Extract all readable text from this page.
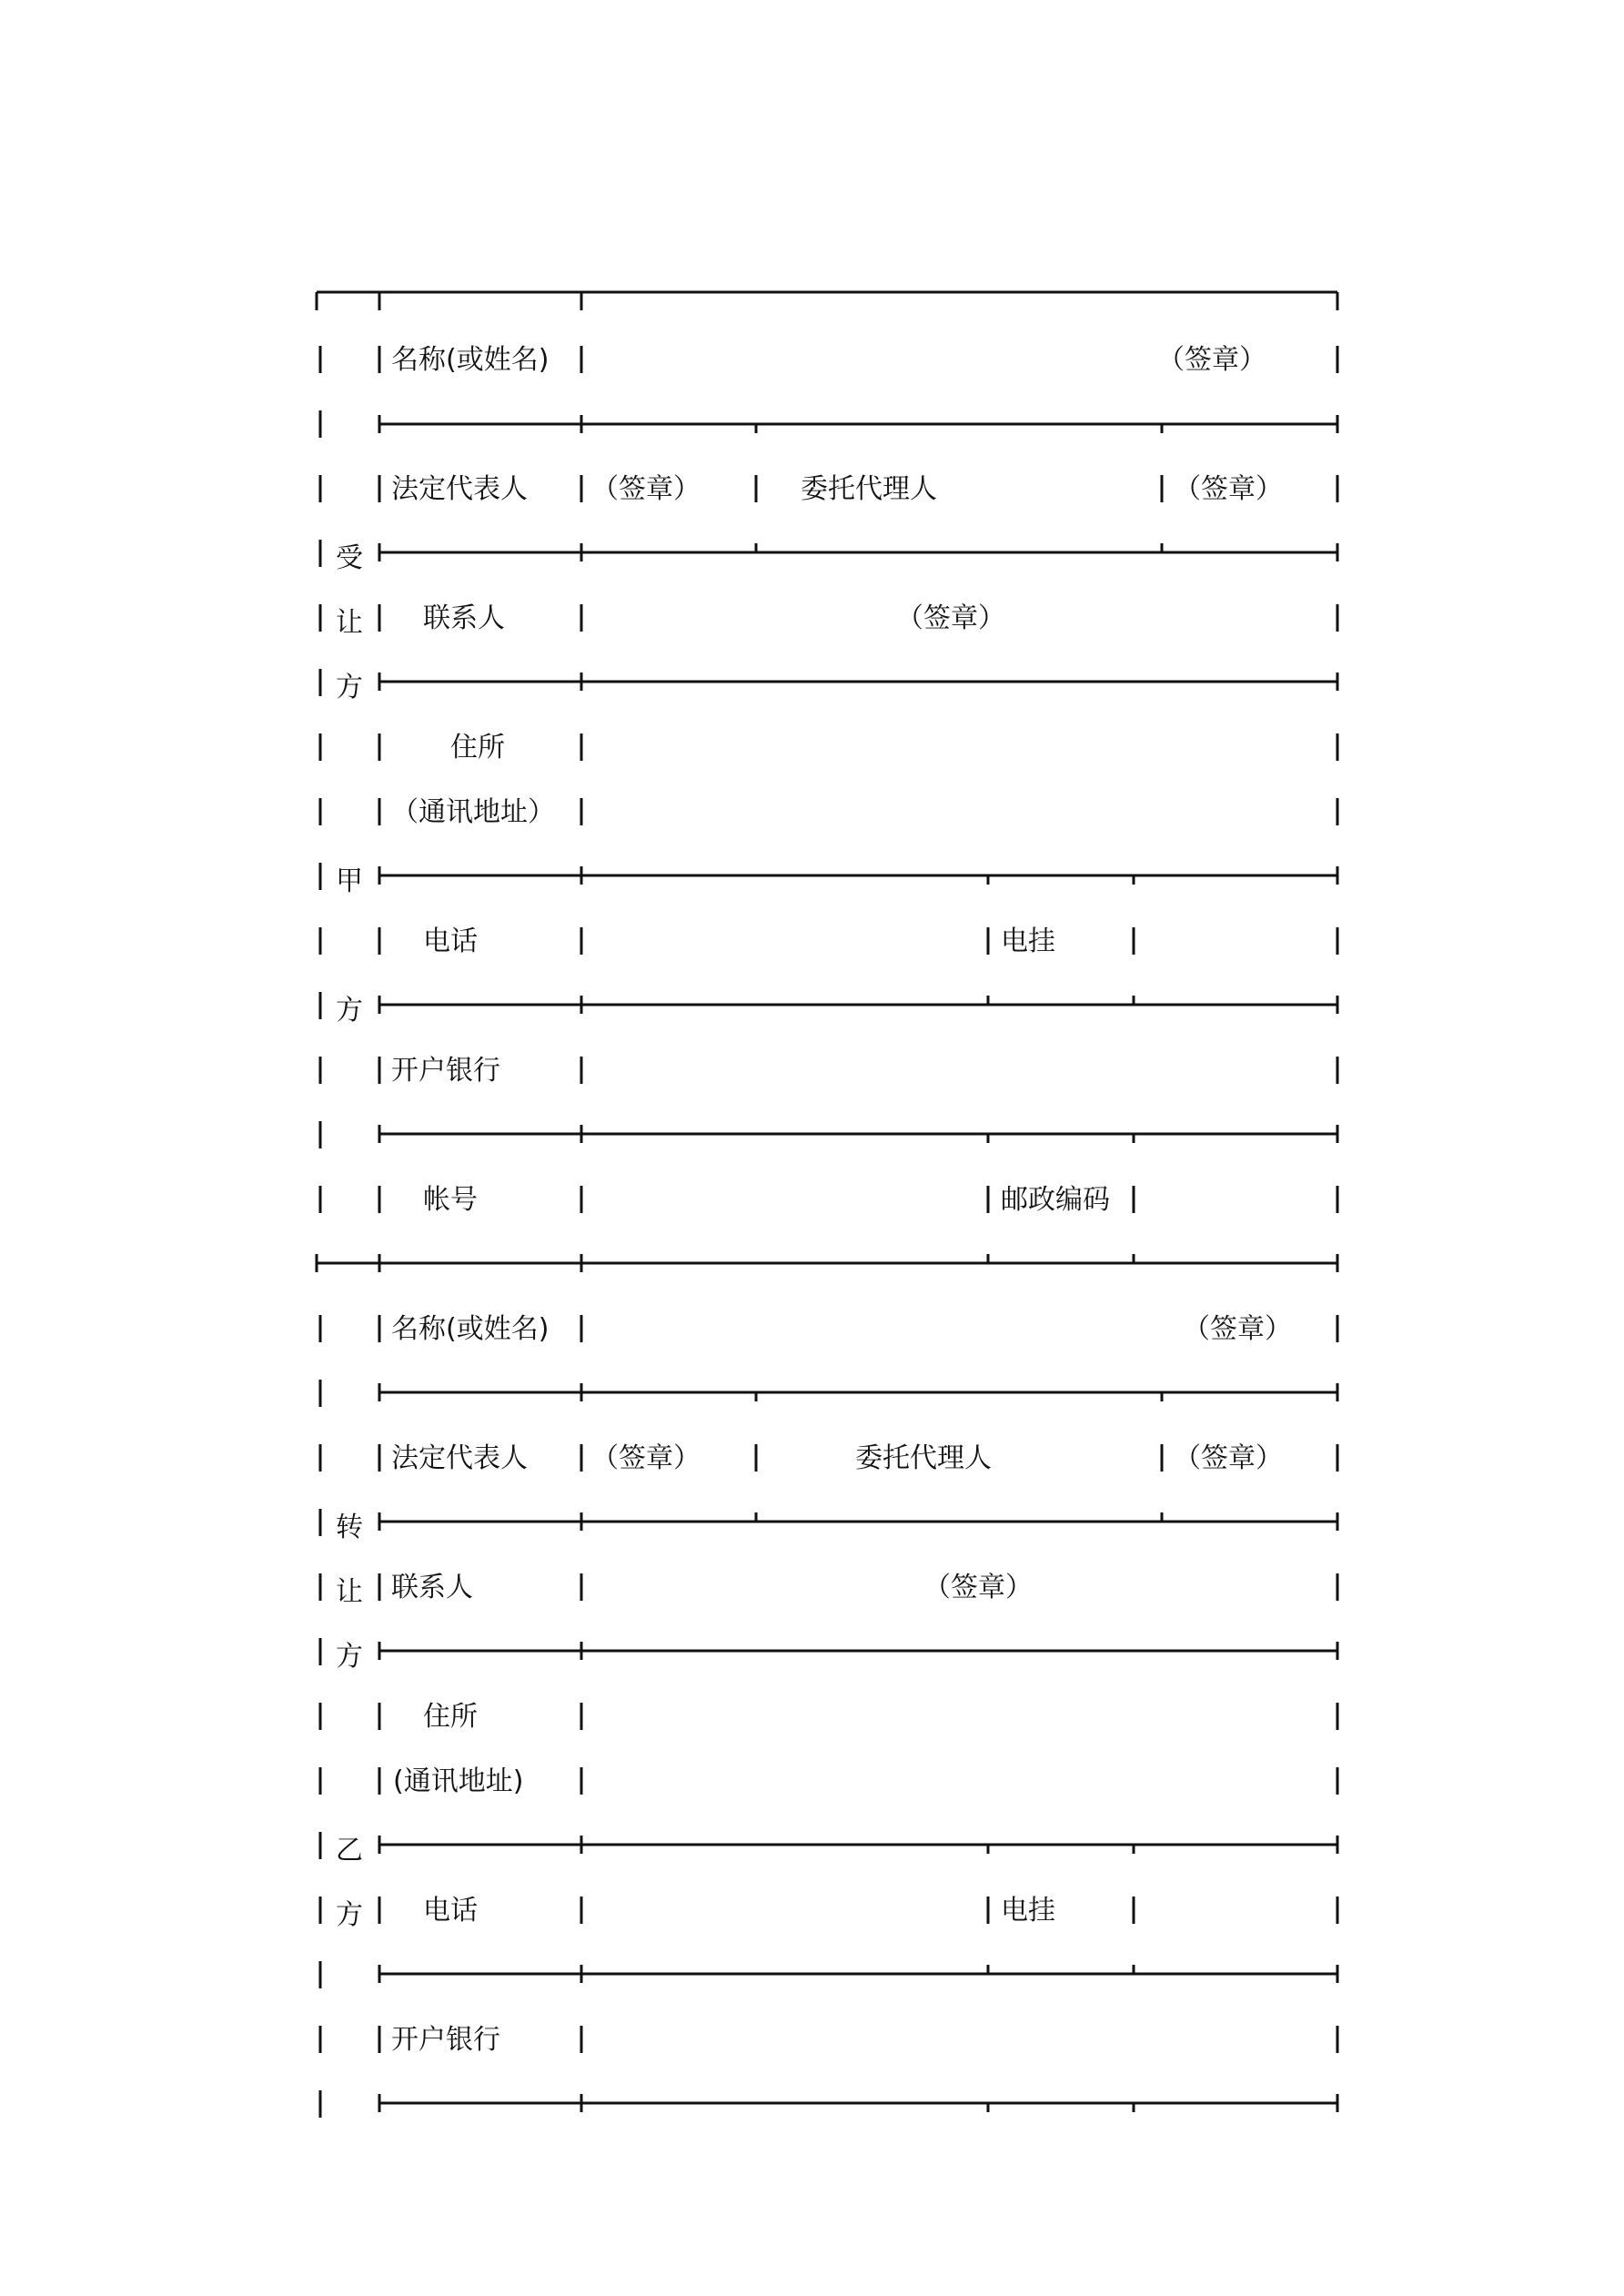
受
让
方
甲
方
名称(或姓名)	（签章）
法定代表人 （签章）	委托代理人	（签章）
联系人	（签章）
住所
（通讯地址）
电话	电挂
开户银行
帐号	邮政编码
转
让
方
乙
方
名称(或姓名)	（签章）
法定代表人 （签章）	委托代理人	（签章）
联系人	（签章）
住所
(通讯地址)
电话	电挂
开户银行
